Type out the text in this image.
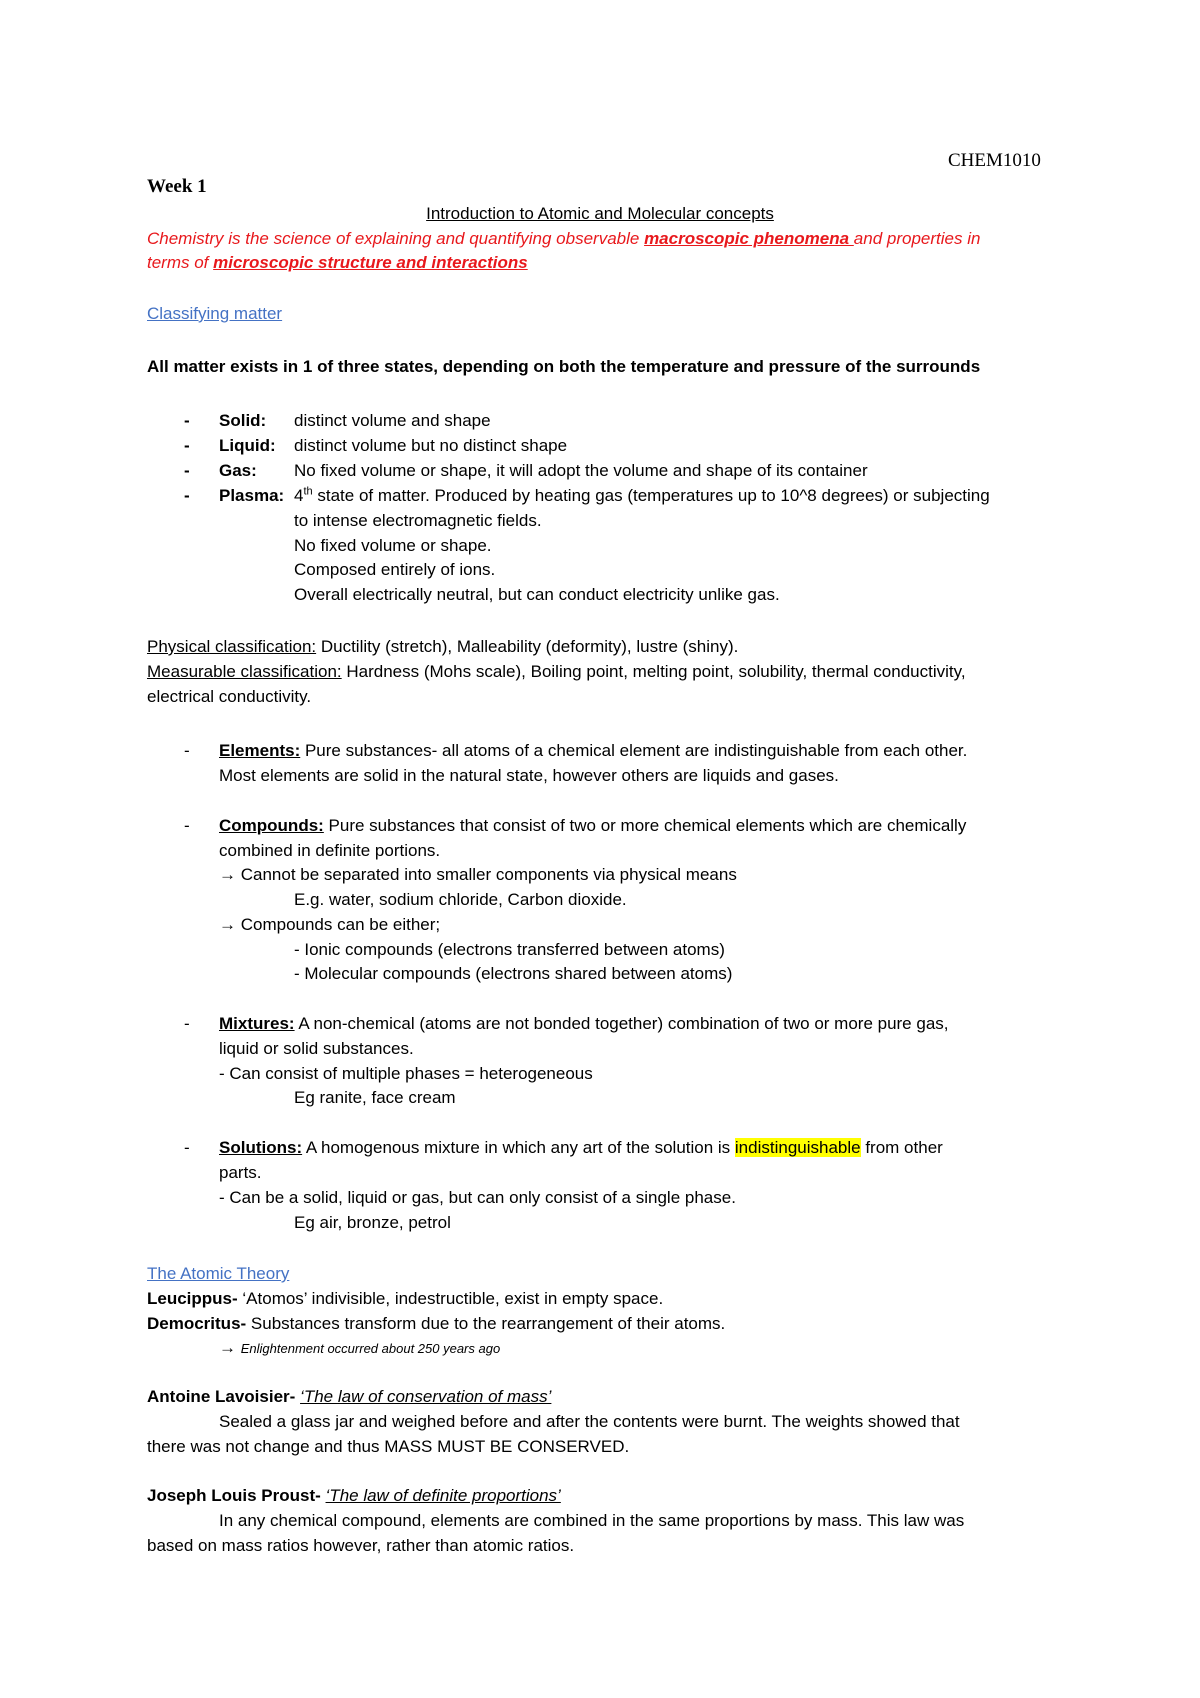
CHEM1010
Week 1
Introduction to Atomic and Molecular concepts
Chemistry is the science of explaining and quantifying observable macroscopic phenomena and properties in
terms of microscopic structure and interactions
Classifying matter
All matter exists in 1 of three states, depending on both the temperature and pressure of the surrounds
- Solid: distinct volume and shape
- Liquid: distinct volume but no distinct shape
- Gas: No fixed volume or shape, it will adopt the volume and shape of its container
- Plasma: 4th state of matter. Produced by heating gas (temperatures up to 10^8 degrees) or subjecting
to intense electromagnetic fields.
No fixed volume or shape.
Composed entirely of ions.
Overall electrically neutral, but can conduct electricity unlike gas.
Physical classification: Ductility (stretch), Malleability (deformity), lustre (shiny).
Measurable classification: Hardness (Mohs scale), Boiling point, melting point, solubility, thermal conductivity,
electrical conductivity.
- Elements: Pure substances- all atoms of a chemical element are indistinguishable from each other.
Most elements are solid in the natural state, however others are liquids and gases.
- Compounds: Pure substances that consist of two or more chemical elements which are chemically
combined in definite portions.
→ Cannot be separated into smaller components via physical means
E.g. water, sodium chloride, Carbon dioxide.
→ Compounds can be either;
- Ionic compounds (electrons transferred between atoms)
- Molecular compounds (electrons shared between atoms)
- Mixtures: A non-chemical (atoms are not bonded together) combination of two or more pure gas,
liquid or solid substances.
- Can consist of multiple phases = heterogeneous
Eg ranite, face cream
- Solutions: A homogenous mixture in which any art of the solution is indistinguishable from other
parts.
- Can be a solid, liquid or gas, but can only consist of a single phase.
Eg air, bronze, petrol
The Atomic Theory
Leucippus- ‘Atomos’ indivisible, indestructible, exist in empty space.
Democritus- Substances transform due to the rearrangement of their atoms.
→ Enlightenment occurred about 250 years ago
Antoine Lavoisier- ‘The law of conservation of mass’
Sealed a glass jar and weighed before and after the contents were burnt. The weights showed that
there was not change and thus MASS MUST BE CONSERVED.
Joseph Louis Proust- ‘The law of definite proportions’
In any chemical compound, elements are combined in the same proportions by mass. This law was
based on mass ratios however, rather than atomic ratios.
